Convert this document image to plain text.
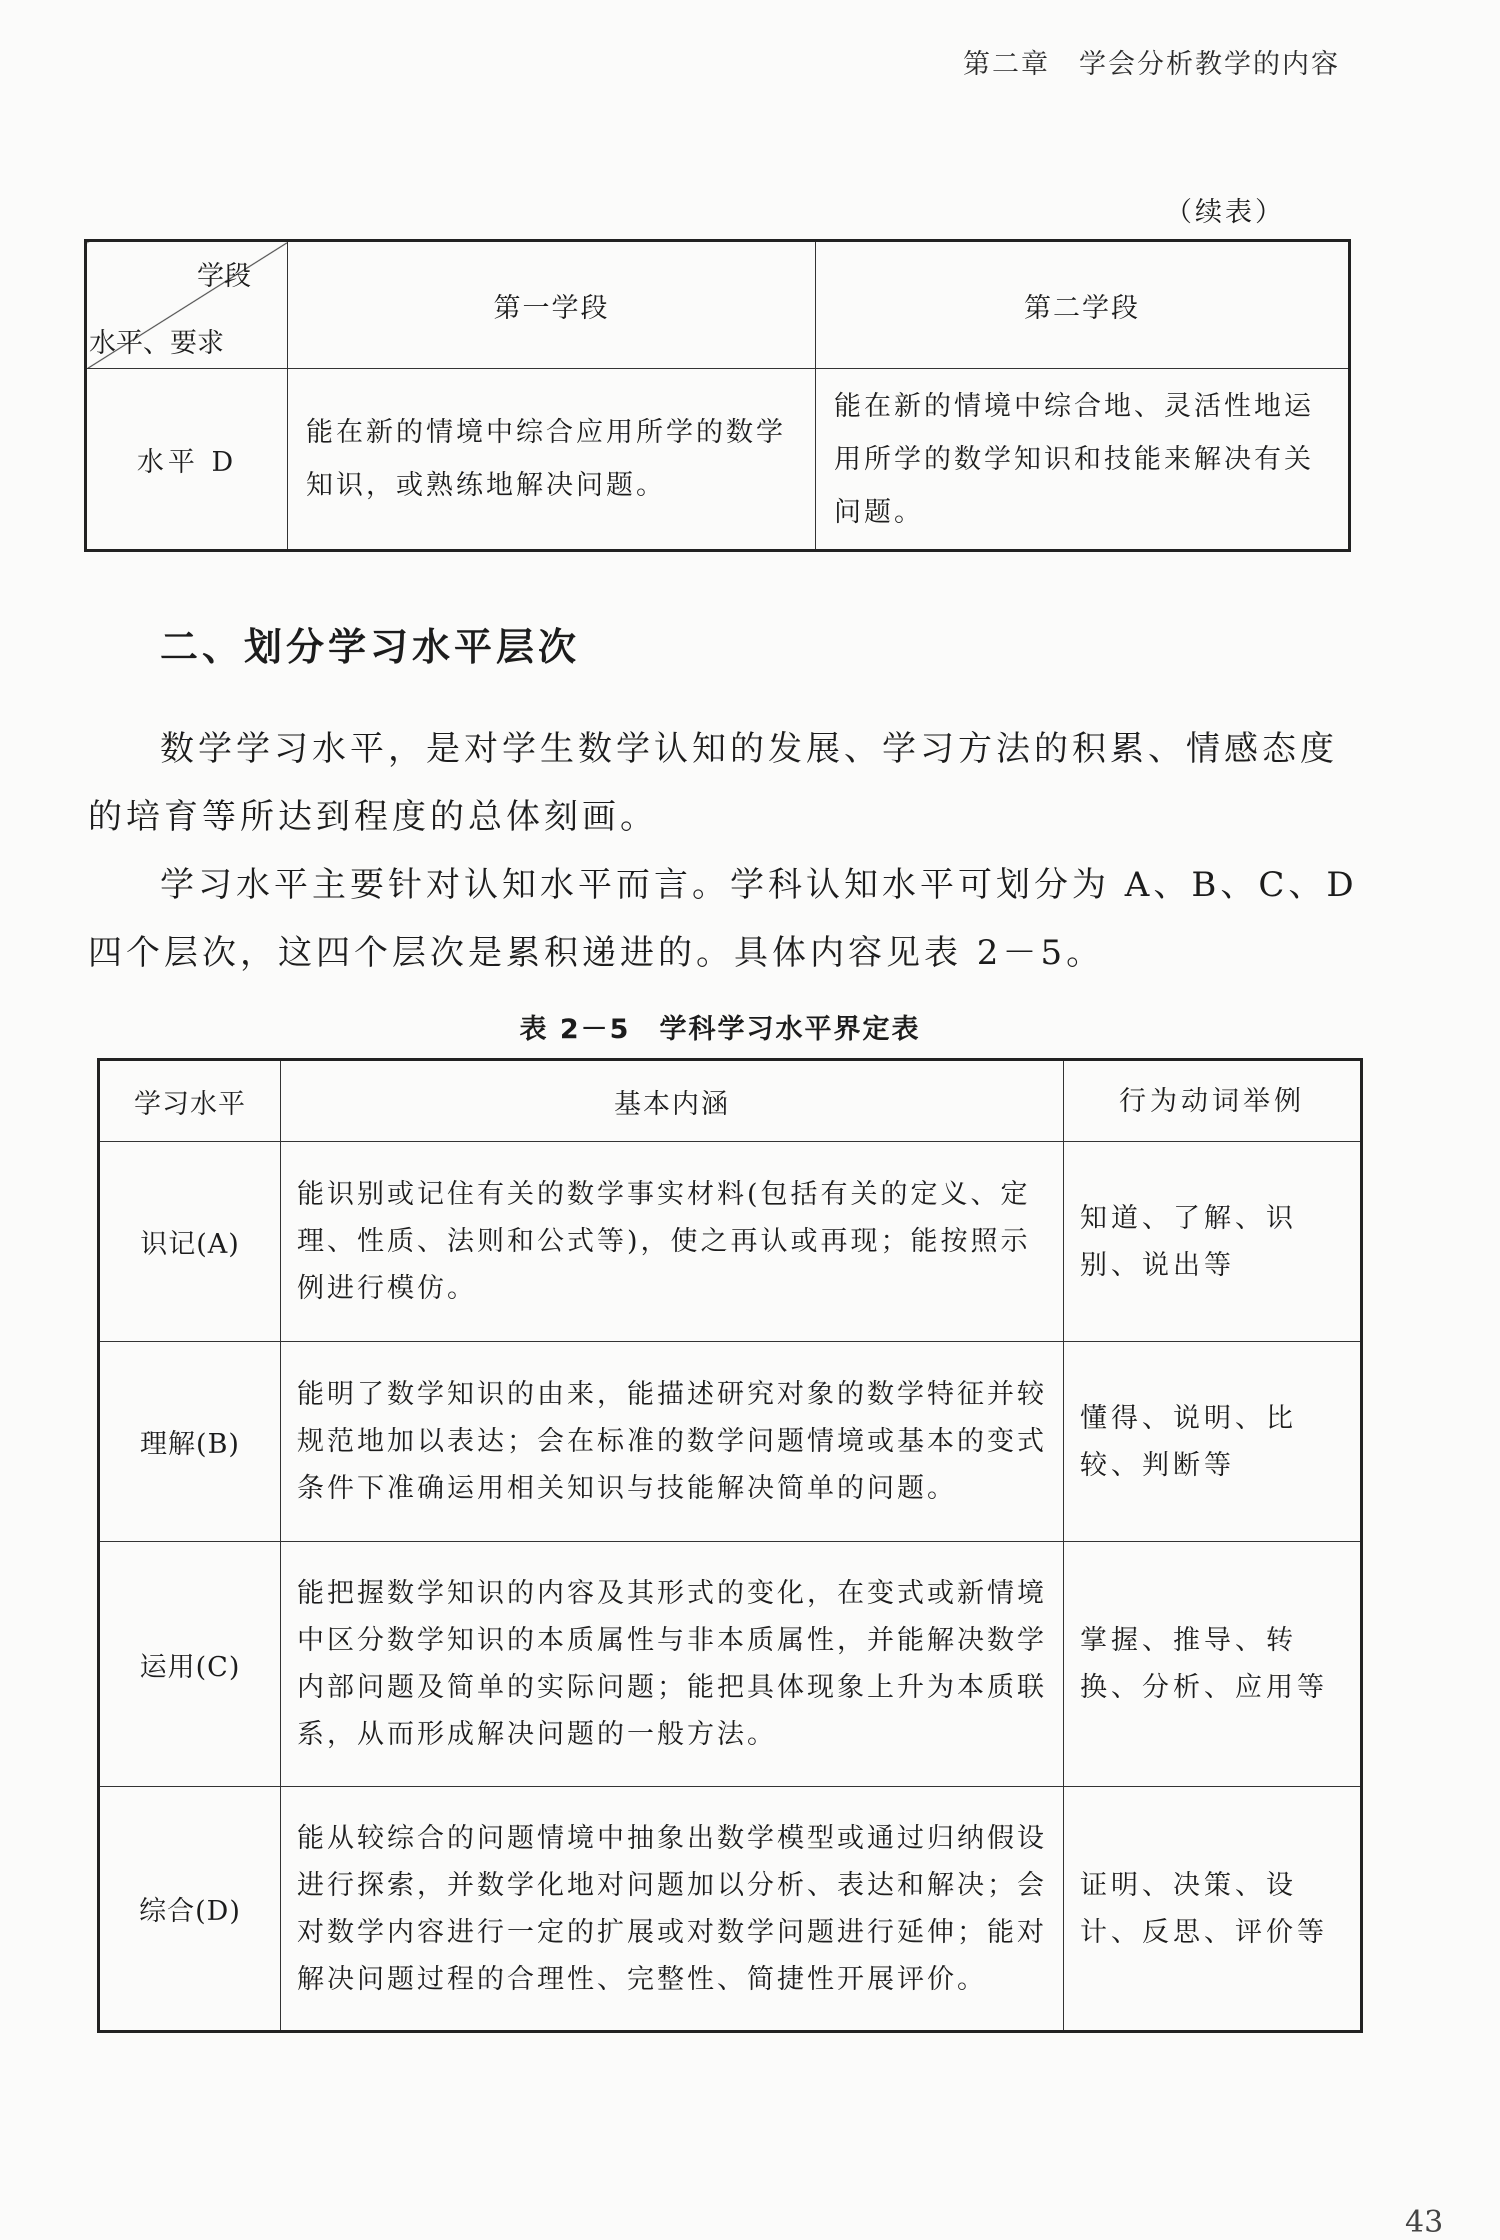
第二章　学会分析教学的内容
（续表）
学段
水平、要求	第一学段	第二学段
水平 D	能在新的情境中综合应用所学的数学知识，或熟练地解决问题。	能在新的情境中综合地、灵活性地运用所学的数学知识和技能来解决有关问题。
二、划分学习水平层次

数学学习水平，是对学生数学认知的发展、学习方法的积累、情感态度的培育等所达到程度的总体刻画。

学习水平主要针对认知水平而言。学科认知水平可划分为 A、B、C、D 四个层次，这四个层次是累积递进的。具体内容见表 2－5。

表 2－5　学科学习水平界定表
学习水平	基本内涵	行为动词举例
识记(A)	能识别或记住有关的数学事实材料(包括有关的定义、定理、性质、法则和公式等)，使之再认或再现；能按照示例进行模仿。	知道、了解、识别、说出等
理解(B)	能明了数学知识的由来，能描述研究对象的数学特征并较规范地加以表达；会在标准的数学问题情境或基本的变式条件下准确运用相关知识与技能解决简单的问题。	懂得、说明、比较、判断等
运用(C)	能把握数学知识的内容及其形式的变化，在变式或新情境中区分数学知识的本质属性与非本质属性，并能解决数学内部问题及简单的实际问题；能把具体现象上升为本质联系，从而形成解决问题的一般方法。	掌握、推导、转换、分析、应用等
综合(D)	能从较综合的问题情境中抽象出数学模型或通过归纳假设进行探索，并数学化地对问题加以分析、表达和解决；会对数学内容进行一定的扩展或对数学问题进行延伸；能对解决问题过程的合理性、完整性、简捷性开展评价。	证明、决策、设计、反思、评价等
43
